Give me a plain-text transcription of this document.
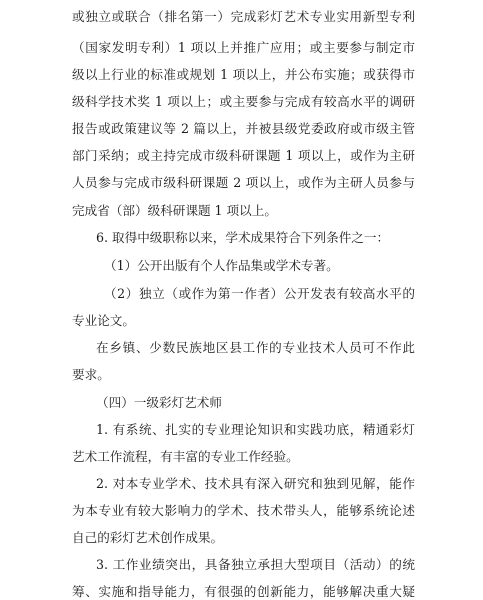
或独立或联合（排名第一）完成彩灯艺术专业实用新型专利
（国家发明专利）1 项以上并推广应用；或主要参与制定市
级以上行业的标准或规划 1 项以上，并公布实施；或获得市
级科学技术奖 1 项以上；或主要参与完成有较高水平的调研
报告或政策建议等 2 篇以上，并被县级党委政府或市级主管
部门采纳；或主持完成市级科研课题 1 项以上，或作为主研
人员参与完成市级科研课题 2 项以上，或作为主研人员参与
完成省（部）级科研课题 1 项以上。
6. 取得中级职称以来，学术成果符合下列条件之一：
（1）公开出版有个人作品集或学术专著。
（2）独立（或作为第一作者）公开发表有较高水平的
专业论文。
在乡镇、少数民族地区县工作的专业技术人员可不作此
要求。
（四）一级彩灯艺术师
1. 有系统、扎实的专业理论知识和实践功底，精通彩灯
艺术工作流程，有丰富的专业工作经验。
2. 对本专业学术、技术具有深入研究和独到见解，能作
为本专业有较大影响力的学术、技术带头人，能够系统论述
自己的彩灯艺术创作成果。
3. 工作业绩突出，具备独立承担大型项目（活动）的统
筹、实施和指导能力，有很强的创新能力，能够解决重大疑
